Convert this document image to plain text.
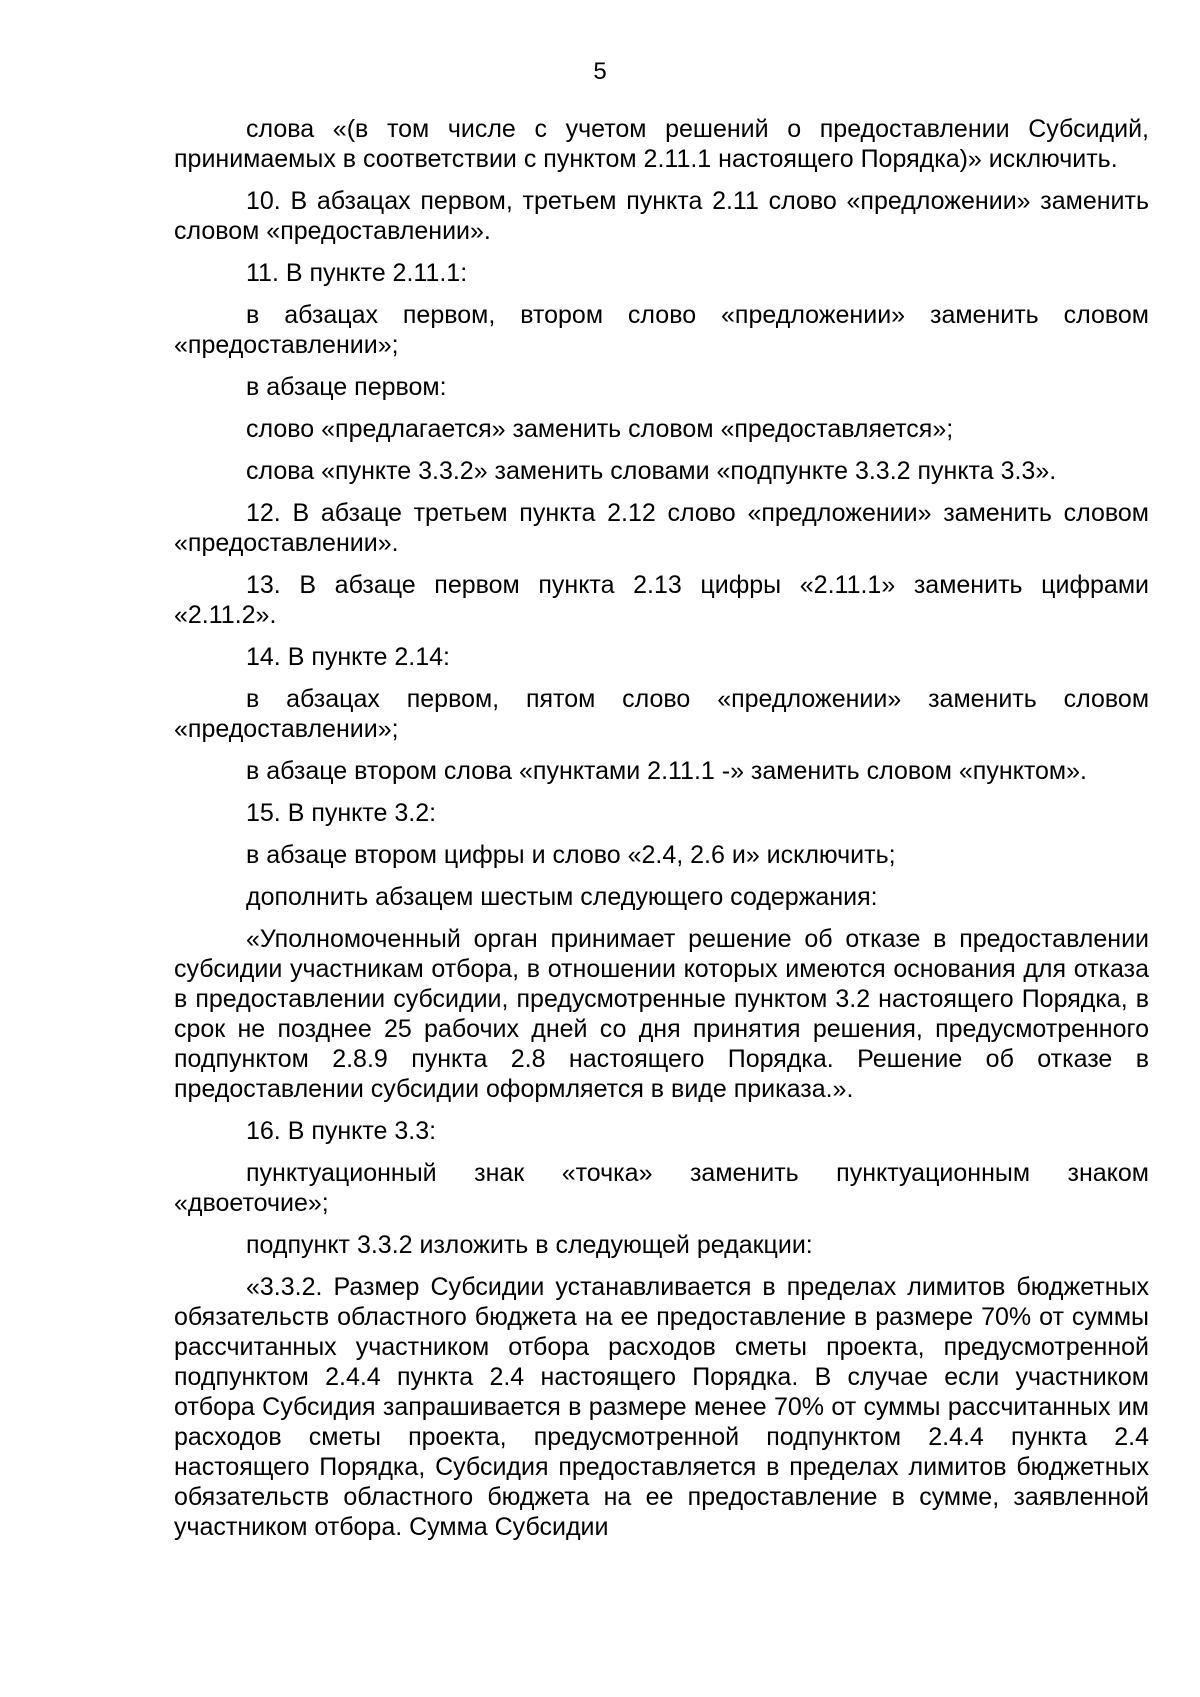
5

слова «(в том числе с учетом решений о предоставлении Субсидий, принимаемых в соответствии с пунктом 2.11.1 настоящего Порядка)» исключить.

10. В абзацах первом, третьем пункта 2.11 слово «предложении» заменить словом «предоставлении».

11. В пункте 2.11.1:

в абзацах первом, втором слово «предложении» заменить словом «предоставлении»;

в абзаце первом:

слово «предлагается» заменить словом «предоставляется»;

слова «пункте 3.3.2» заменить словами «подпункте 3.3.2 пункта 3.3».

12. В абзаце третьем пункта 2.12 слово «предложении» заменить словом «предоставлении».

13. В абзаце первом пункта 2.13 цифры «2.11.1» заменить цифрами «2.11.2».

14. В пункте 2.14:

в абзацах первом, пятом слово «предложении» заменить словом «предоставлении»;

в абзаце втором слова «пунктами 2.11.1 -» заменить словом «пунктом».

15. В пункте 3.2:

в абзаце втором цифры и слово «2.4, 2.6 и» исключить;

дополнить абзацем шестым следующего содержания:

«Уполномоченный орган принимает решение об отказе в предоставлении субсидии участникам отбора, в отношении которых имеются основания для отказа в предоставлении субсидии, предусмотренные пунктом 3.2 настоящего Порядка, в срок не позднее 25 рабочих дней со дня принятия решения, предусмотренного подпунктом 2.8.9 пункта 2.8 настоящего Порядка. Решение об отказе в предоставлении субсидии оформляется в виде приказа.».

16. В пункте 3.3:

пунктуационный знак «точка» заменить пунктуационным знаком «двоеточие»;

подпункт 3.3.2 изложить в следующей редакции:

«3.3.2. Размер Субсидии устанавливается в пределах лимитов бюджетных обязательств областного бюджета на ее предоставление в размере 70% от суммы рассчитанных участником отбора расходов сметы проекта, предусмотренной подпунктом 2.4.4 пункта 2.4 настоящего Порядка. В случае если участником отбора Субсидия запрашивается в размере менее 70% от суммы рассчитанных им расходов сметы проекта, предусмотренной подпунктом 2.4.4 пункта 2.4 настоящего Порядка, Субсидия предоставляется в пределах лимитов бюджетных обязательств областного бюджета на ее предоставление в сумме, заявленной участником отбора. Сумма Субсидии
